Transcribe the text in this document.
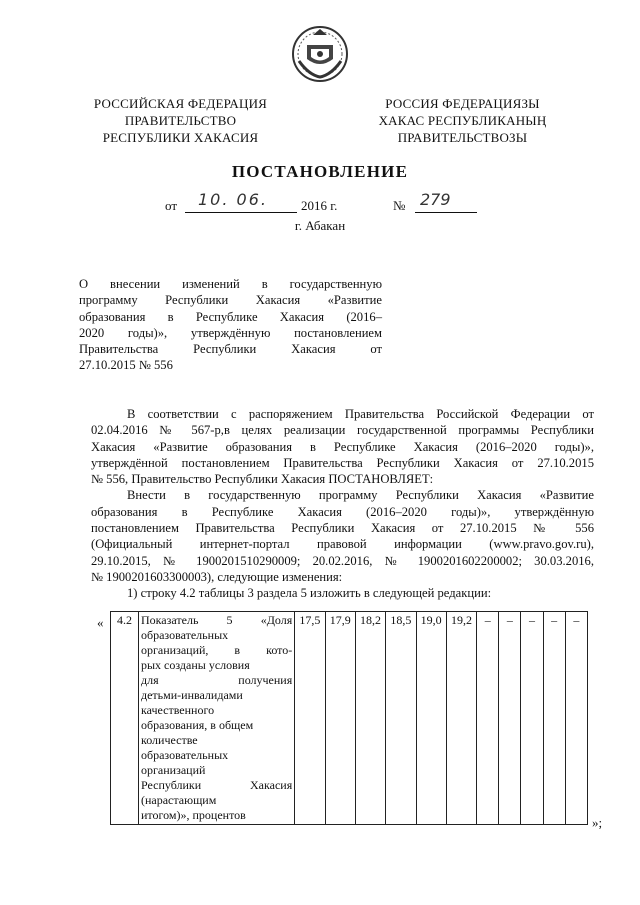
РОССИЙСКАЯ ФЕДЕРАЦИЯ
ПРАВИТЕЛЬСТВО
РЕСПУБЛИКИ ХАКАСИЯ
РОССИЯ ФЕДЕРАЦИЯЗЫ
ХАКАС РЕСПУБЛИКАНЫҢ
ПРАВИТЕЛЬСТВОЗЫ
ПОСТАНОВЛЕНИЕ
от 10. 06.	2016 г.	№ 279
г. Абакан
О внесении изменений в государственную
программу Республики Хакасия «Развитие
образования в Республике Хакасия (2016–
2020 годы)», утверждённую постановлением
Правительства Республики Хакасия от
27.10.2015 № 556
В соответствии с распоряжением Правительства Российской Федерации от
02.04.2016 № 567-р,в целях реализации государственной программы Республики
Хакасия «Развитие образования в Республике Хакасия (2016–2020 годы)»,
утверждённой постановлением Правительства Республики Хакасия от 27.10.2015
№ 556, Правительство Республики Хакасия ПОСТАНОВЛЯЕТ:
Внести в государственную программу Республики Хакасия «Развитие
образования в Республике Хакасия (2016–2020 годы)», утверждённую
постановлением Правительства Республики Хакасия от 27.10.2015 № 556
(Официальный интернет-портал правовой информации (www.pravo.gov.ru),
29.10.2015, № 1900201510290009; 20.02.2016, № 1900201602200002; 30.03.2016,
№ 1900201603300003), следующие изменения:
1) строку 4.2 таблицы 3 раздела 5 изложить в следующей редакции:
« 4.2	Показатель 5 «Доля
образовательных
организаций, в кото-
рых созданы условия
для получения
детьми-инвалидами
качественного
образования, в общем
количестве
образовательных
организаций
Республики Хакасия
(нарастающим
итогом)», процентов
	17,5	17,9	18,2	18,5	19,0	19,2	–	–	–	–	–
»;
